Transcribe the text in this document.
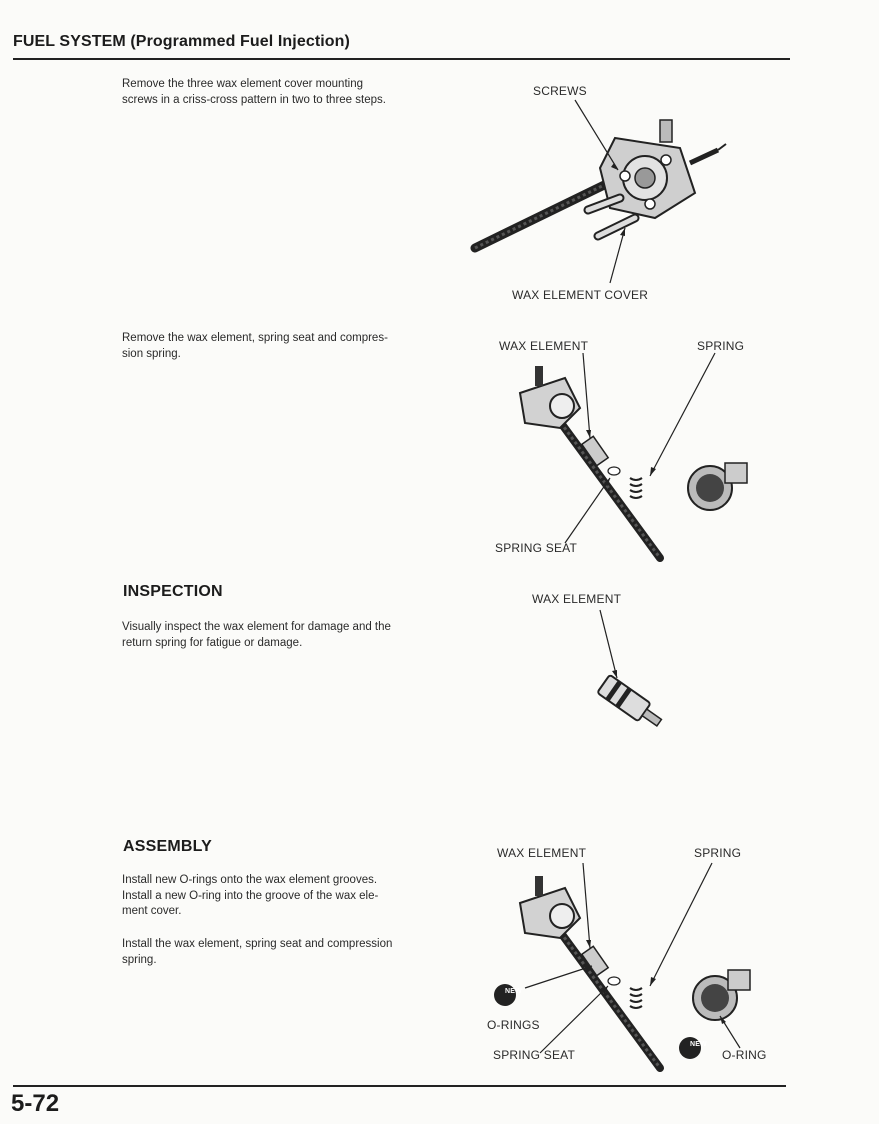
FUEL SYSTEM (Programmed Fuel Injection)
Remove the three wax element cover mounting
screws in a criss-cross pattern in two to three steps.
SCREWS
WAX ELEMENT COVER
Remove the wax element, spring seat and compres-
sion spring.
WAX ELEMENT	SPRING
SPRING SEAT
INSPECTION
Visually inspect the wax element for damage and the
return spring for fatigue or damage.
WAX ELEMENT
ASSEMBLY
Install new O-rings onto the wax element grooves.
Install a new O-ring into the groove of the wax ele-
ment cover.
Install the wax element, spring seat and compression
spring.
NEW
NEW
WAX ELEMENT	SPRING
O-RINGS
SPRING SEAT	O-RING
5-72
